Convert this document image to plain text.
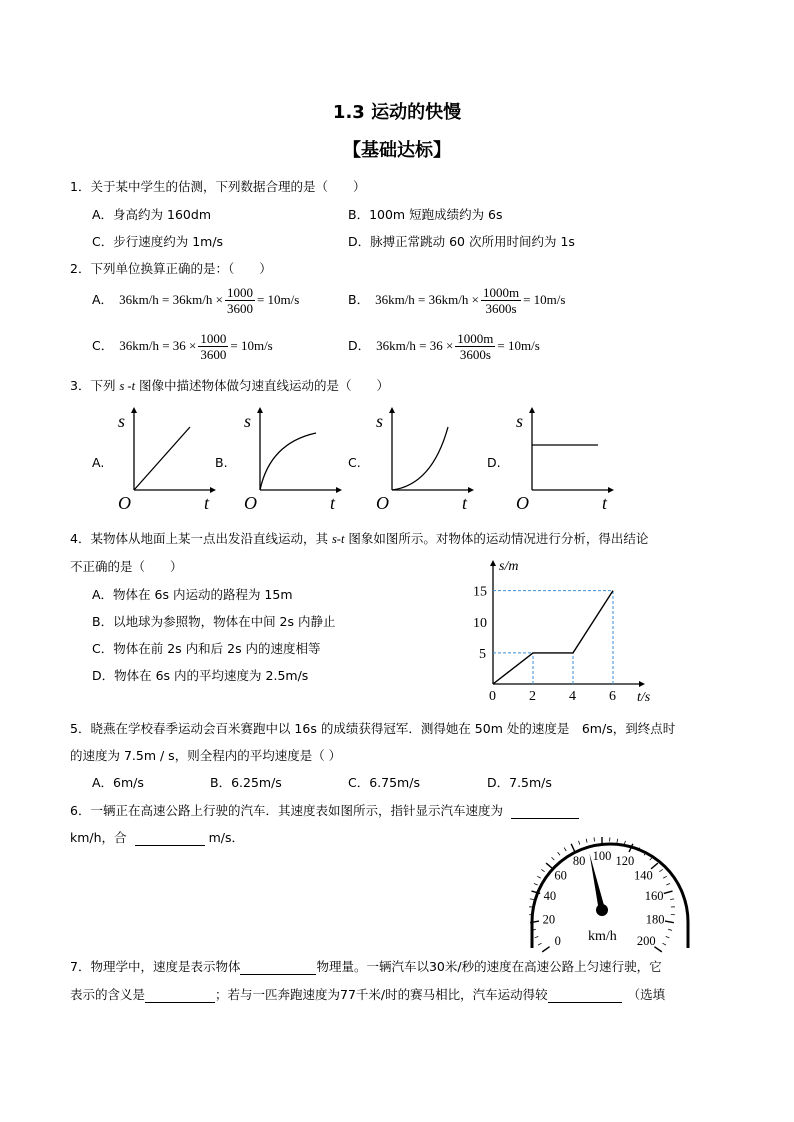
1.3 运动的快慢
【基础达标】
1．关于某中学生的估测，下列数据合理的是（　　）
A．身高约为 160dm	B．100m 短跑成绩约为 6s
C．步行速度约为 1m/s	D．脉搏正常跳动 60 次所用时间约为 1s
2．下列单位换算正确的是：（　　）
A． $36km/h = 36km/h \times \frac{1000}{3600} = 10m/s$	B． $36km/h = 36km/h \times \frac{1000m}{3600s} = 10m/s$
C． $36km/h = 36 \times \frac{1000}{3600} = 10m/s$	D． $36km/h = 36 \times \frac{1000m}{3600s} = 10m/s$
3．下列 s -t 图像中描述物体做匀速直线运动的是（　　）
A.
s
O	t
B.
s
O	t
C.
s
O	t
D.
s
O	t
4．某物体从地面上某一点出发沿直线运动，其 s-t 图象如图所示。对物体的运动情况进行分析，得出结论
不正确的是（　　）
A．物体在 6s 内运动的路程为 15m
B．以地球为参照物，物体在中间 2s 内静止
C．物体在前 2s 内和后 2s 内的速度相等
D．物体在 6s 内的平均速度为 2.5m/s
0 2 4 6
5
10
15
t/s
s/m
5．晓燕在学校春季运动会百米赛跑中以 16s 的成绩获得冠军．测得她在 50m 处的速度是　6m/s，到终点时
的速度为 7.5m / s，则全程内的平均速度是（ ）
A．6m/s	B．6.25m/s	C．6.75m/s	D．7.5m/s
6．一辆正在高速公路上行驶的汽车．其速度表如图所示，指针显示汽车速度为
km/h，合	m/s．
0
20
40
60
80 100 120
140
160
180
200
km/h
7．物理学中，速度是表示物体	物理量。一辆汽车以30米/秒的速度在高速公路上匀速行驶，它
表示的含义是	；若与一匹奔跑速度为77千米/时的赛马相比，汽车运动得较	（选填
